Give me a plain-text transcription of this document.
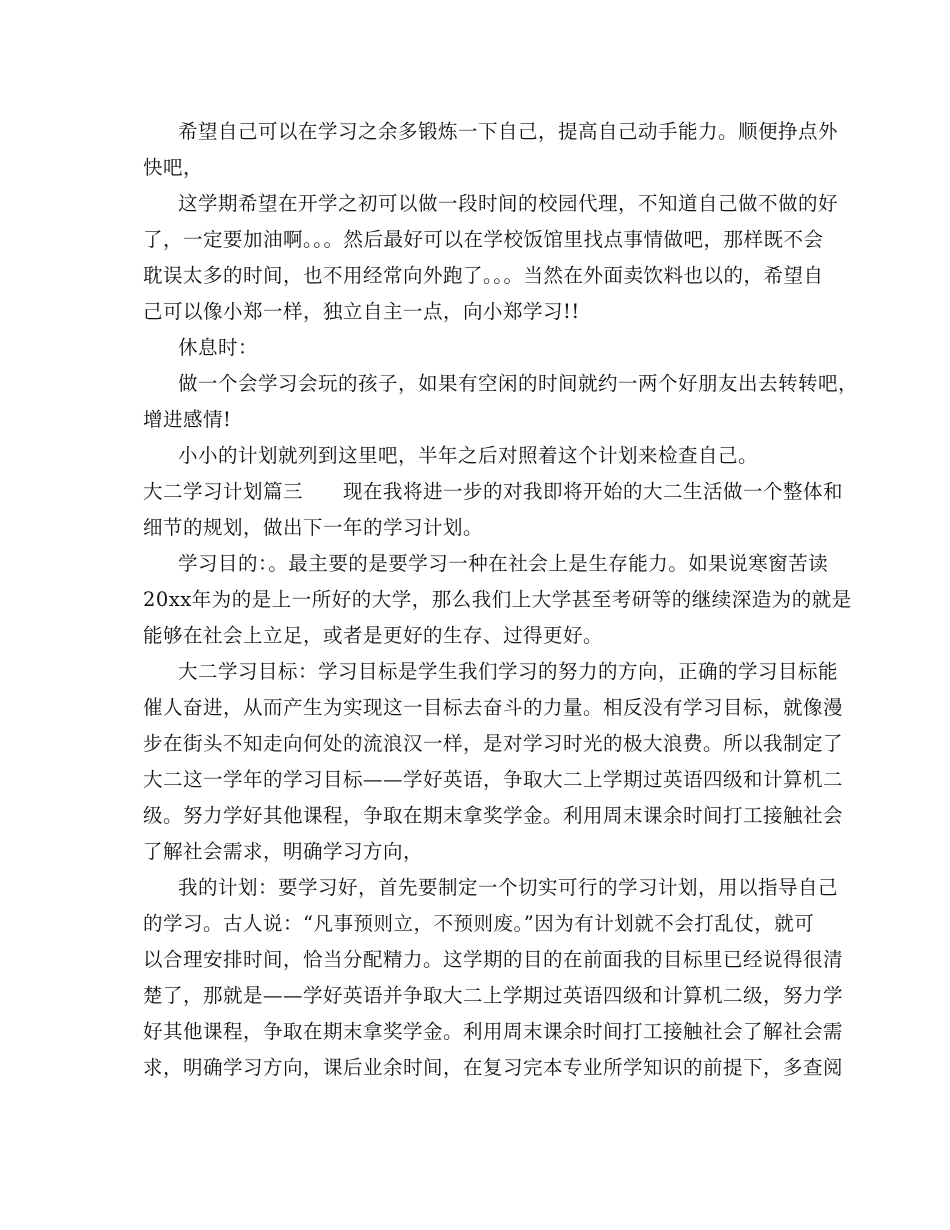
希望自己可以在学习之余多锻炼一下自己，提高自己动手能力。顺便挣点外
快吧，
这学期希望在开学之初可以做一段时间的校园代理，不知道自己做不做的好
了，一定要加油啊。。。然后最好可以在学校饭馆里找点事情做吧，那样既不会
耽误太多的时间，也不用经常向外跑了。。。当然在外面卖饮料也以的，希望自
己可以像小郑一样，独立自主一点，向小郑学习!!
休息时：
做一个会学习会玩的孩子，如果有空闲的时间就约一两个好朋友出去转转吧，
增进感情!
小小的计划就列到这里吧，半年之后对照着这个计划来检查自己。
大二学习计划篇三 现在我将进一步的对我即将开始的大二生活做一个整体和
细节的规划，做出下一年的学习计划。
学习目的：。最主要的是要学习一种在社会上是生存能力。如果说寒窗苦读
20xx年为的是上一所好的大学，那么我们上大学甚至考研等的继续深造为的就是
能够在社会上立足，或者是更好的生存、过得更好。
大二学习目标：学习目标是学生我们学习的努力的方向，正确的学习目标能
催人奋进，从而产生为实现这一目标去奋斗的力量。相反没有学习目标，就像漫
步在街头不知走向何处的流浪汉一样，是对学习时光的极大浪费。所以我制定了
大二这一学年的学习目标——学好英语，争取大二上学期过英语四级和计算机二
级。努力学好其他课程，争取在期末拿奖学金。利用周末课余时间打工接触社会
了解社会需求，明确学习方向，
我的计划：要学习好，首先要制定一个切实可行的学习计划，用以指导自己
的学习。古人说：“凡事预则立，不预则废。”因为有计划就不会打乱仗，就可
以合理安排时间，恰当分配精力。这学期的目的在前面我的目标里已经说得很清
楚了，那就是——学好英语并争取大二上学期过英语四级和计算机二级，努力学
好其他课程，争取在期末拿奖学金。利用周末课余时间打工接触社会了解社会需
求，明确学习方向，课后业余时间，在复习完本专业所学知识的前提下，多查阅
